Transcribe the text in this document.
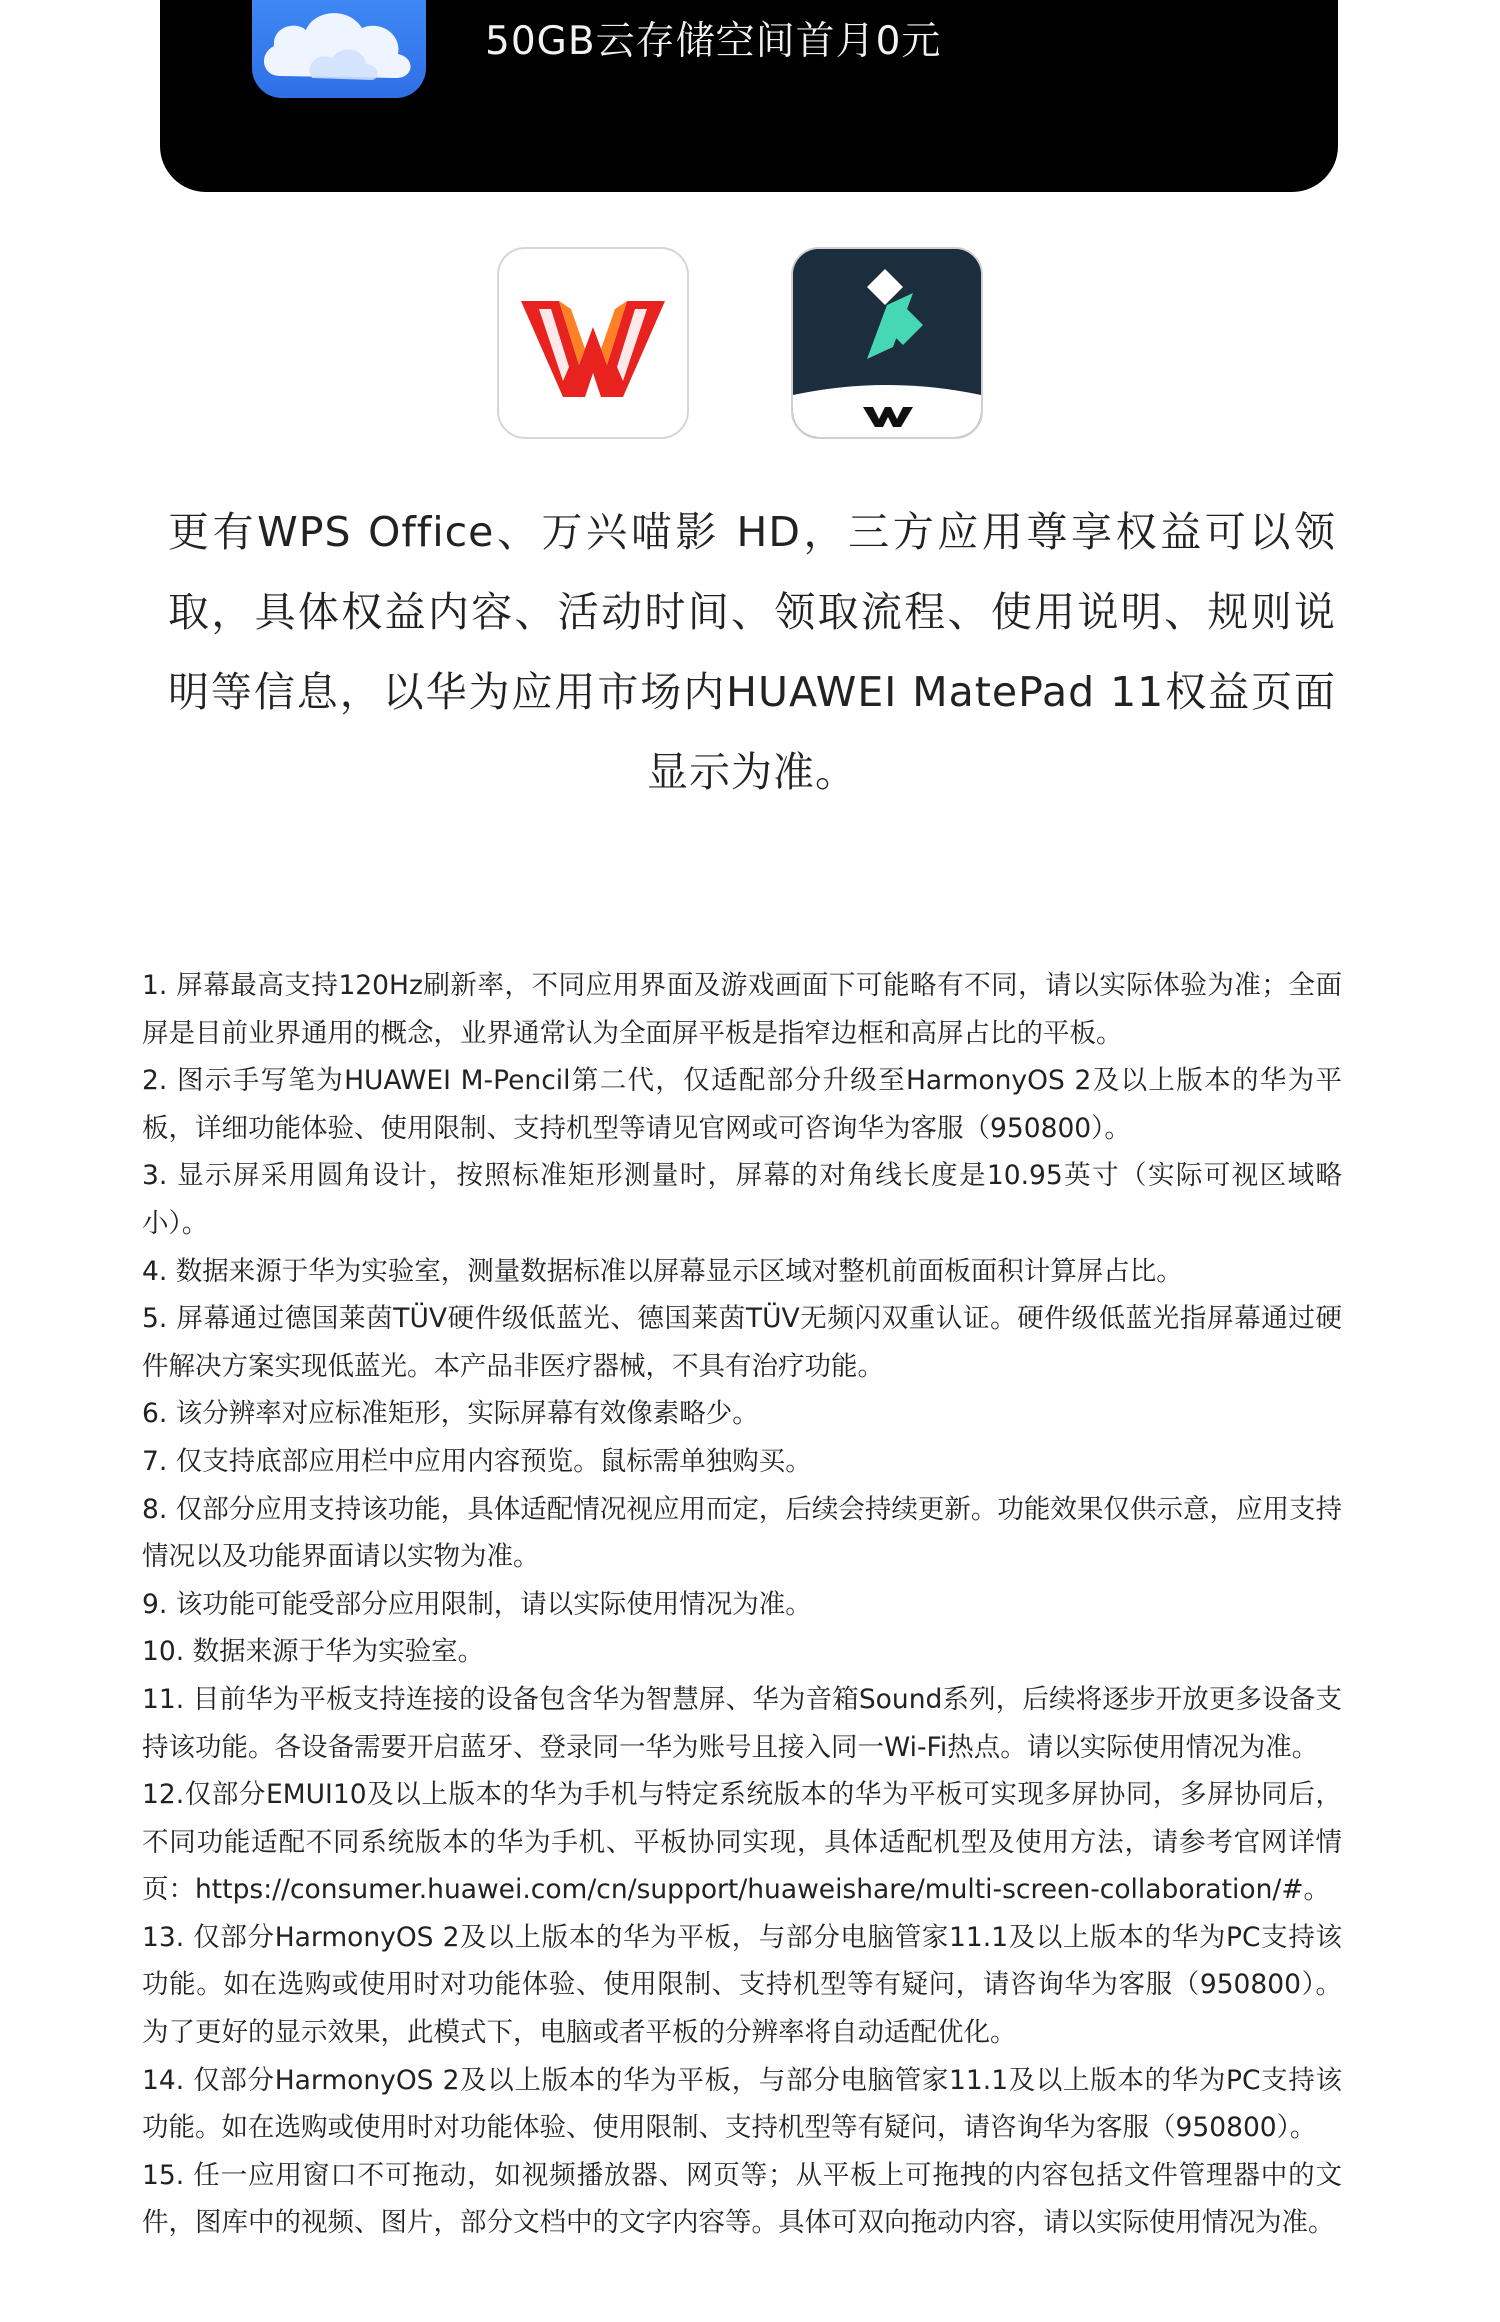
50GB云存储空间首月0元
更有WPS Office、万兴喵影 HD，三方应用尊享权益可以领取，具体权益内容、活动时间、领取流程、使用说明、规则说明等信息，以华为应用市场内HUAWEI MatePad 11权益页面显示为准。

1. 屏幕最高支持120Hz刷新率，不同应用界面及游戏画面下可能略有不同，请以实际体验为准；全面屏是目前业界通用的概念，业界通常认为全面屏平板是指窄边框和高屏占比的平板。

2. 图示手写笔为HUAWEI M-Pencil第二代，仅适配部分升级至HarmonyOS 2及以上版本的华为平板，详细功能体验、使用限制、支持机型等请见官网或可咨询华为客服（950800）。

3. 显示屏采用圆角设计，按照标准矩形测量时，屏幕的对角线长度是10.95英寸（实际可视区域略小）。

4. 数据来源于华为实验室，测量数据标准以屏幕显示区域对整机前面板面积计算屏占比。

5. 屏幕通过德国莱茵TÜV硬件级低蓝光、德国莱茵TÜV无频闪双重认证。硬件级低蓝光指屏幕通过硬件解决方案实现低蓝光。本产品非医疗器械，不具有治疗功能。

6. 该分辨率对应标准矩形，实际屏幕有效像素略少。

7. 仅支持底部应用栏中应用内容预览。鼠标需单独购买。

8. 仅部分应用支持该功能，具体适配情况视应用而定，后续会持续更新。功能效果仅供示意，应用支持情况以及功能界面请以实物为准。

9. 该功能可能受部分应用限制，请以实际使用情况为准。

10. 数据来源于华为实验室。

11. 目前华为平板支持连接的设备包含华为智慧屏、华为音箱Sound系列，后续将逐步开放更多设备支持该功能。各设备需要开启蓝牙、登录同一华为账号且接入同一Wi-Fi热点。请以实际使用情况为准。

12.仅部分EMUI10及以上版本的华为手机与特定系统版本的华为平板可实现多屏协同，多屏协同后，不同功能适配不同系统版本的华为手机、平板协同实现，具体适配机型及使用方法，请参考官网详情页：https://consumer.huawei.com/cn/support/huaweishare/multi-screen-collaboration/#。

13. 仅部分HarmonyOS 2及以上版本的华为平板，与部分电脑管家11.1及以上版本的华为PC支持该功能。如在选购或使用时对功能体验、使用限制、支持机型等有疑问，请咨询华为客服（950800）。为了更好的显示效果，此模式下，电脑或者平板的分辨率将自动适配优化。

14. 仅部分HarmonyOS 2及以上版本的华为平板，与部分电脑管家11.1及以上版本的华为PC支持该功能。如在选购或使用时对功能体验、使用限制、支持机型等有疑问，请咨询华为客服（950800）。

15. 任一应用窗口不可拖动，如视频播放器、网页等；从平板上可拖拽的内容包括文件管理器中的文件，图库中的视频、图片，部分文档中的文字内容等。具体可双向拖动内容，请以实际使用情况为准。
